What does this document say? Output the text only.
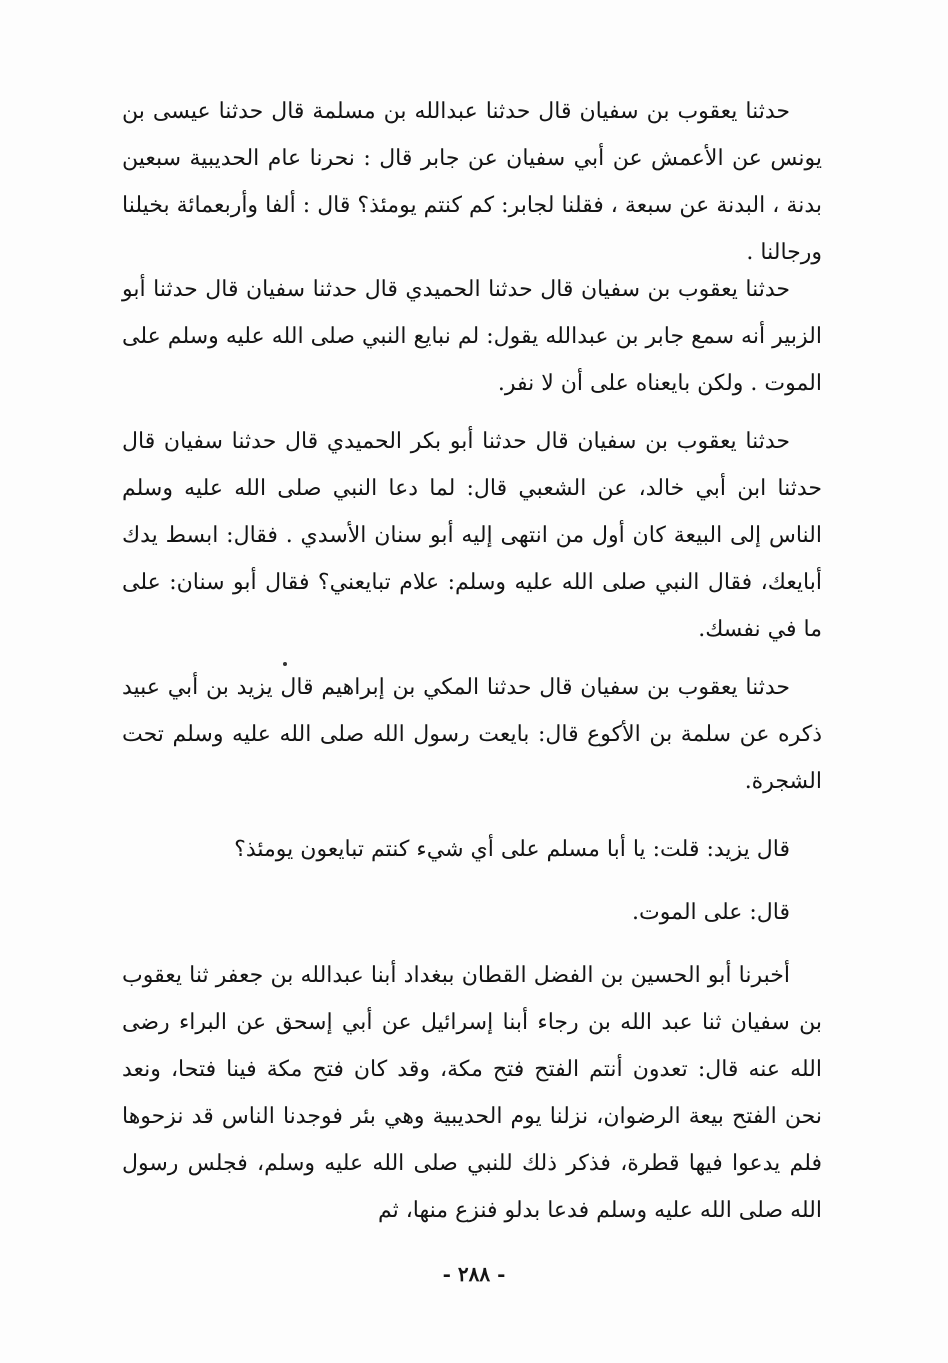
حدثنا يعقوب بن سفيان قال حدثنا عبدالله بن مسلمة قال حدثنا عيسى بن يونس عن الأعمش عن أبي سفيان عن جابر قال : نحرنا عام الحديبية سبعين بدنة ، البدنة عن سبعة ، فقلنا لجابر: كم كنتم يومئذ؟ قال : ألفا وأربعمائة بخيلنا ورجالنا .

حدثنا يعقوب بن سفيان قال حدثنا الحميدي قال حدثنا سفيان قال حدثنا أبو الزبير أنه سمع جابر بن عبدالله يقول: لم نبايع النبي صلى الله عليه وسلم على الموت . ولكن بايعناه على أن لا نفر.

حدثنا يعقوب بن سفيان قال حدثنا أبو بكر الحميدي قال حدثنا سفيان قال حدثنا ابن أبي خالد، عن الشعبي قال: لما دعا النبي صلى الله عليه وسلم الناس إلى البيعة كان أول من انتهى إليه أبو سنان الأسدي . فقال: ابسط يدك أبايعك، فقال النبي صلى الله عليه وسلم: علام تبايعني؟ فقال أبو سنان: على ما في نفسك.

حدثنا يعقوب بن سفيان قال حدثنا المكي بن إبراهيم قال يزيد بن أبي عبيد ذكره عن سلمة بن الأكوع قال: بايعت رسول الله صلى الله عليه وسلم تحت الشجرة.

قال يزيد: قلت: يا أبا مسلم على أي شيء كنتم تبايعون يومئذ؟

قال: على الموت.

أخبرنا أبو الحسين بن الفضل القطان ببغداد أبنا عبدالله بن جعفر ثنا يعقوب بن سفيان ثنا عبد الله بن رجاء أبنا إسرائيل عن أبي إسحق عن البراء رضى الله عنه قال: تعدون أنتم الفتح فتح مكة، وقد كان فتح مكة فينا فتحا، ونعد نحن الفتح بيعة الرضوان، نزلنا يوم الحديبية وهي بئر فوجدنا الناس قد نزحوها فلم يدعوا فيها قطرة، فذكر ذلك للنبي صلى الله عليه وسلم، فجلس رسول الله صلى الله عليه وسلم فدعا بدلو فنزع منها، ثم

- ٢٨٨ -
